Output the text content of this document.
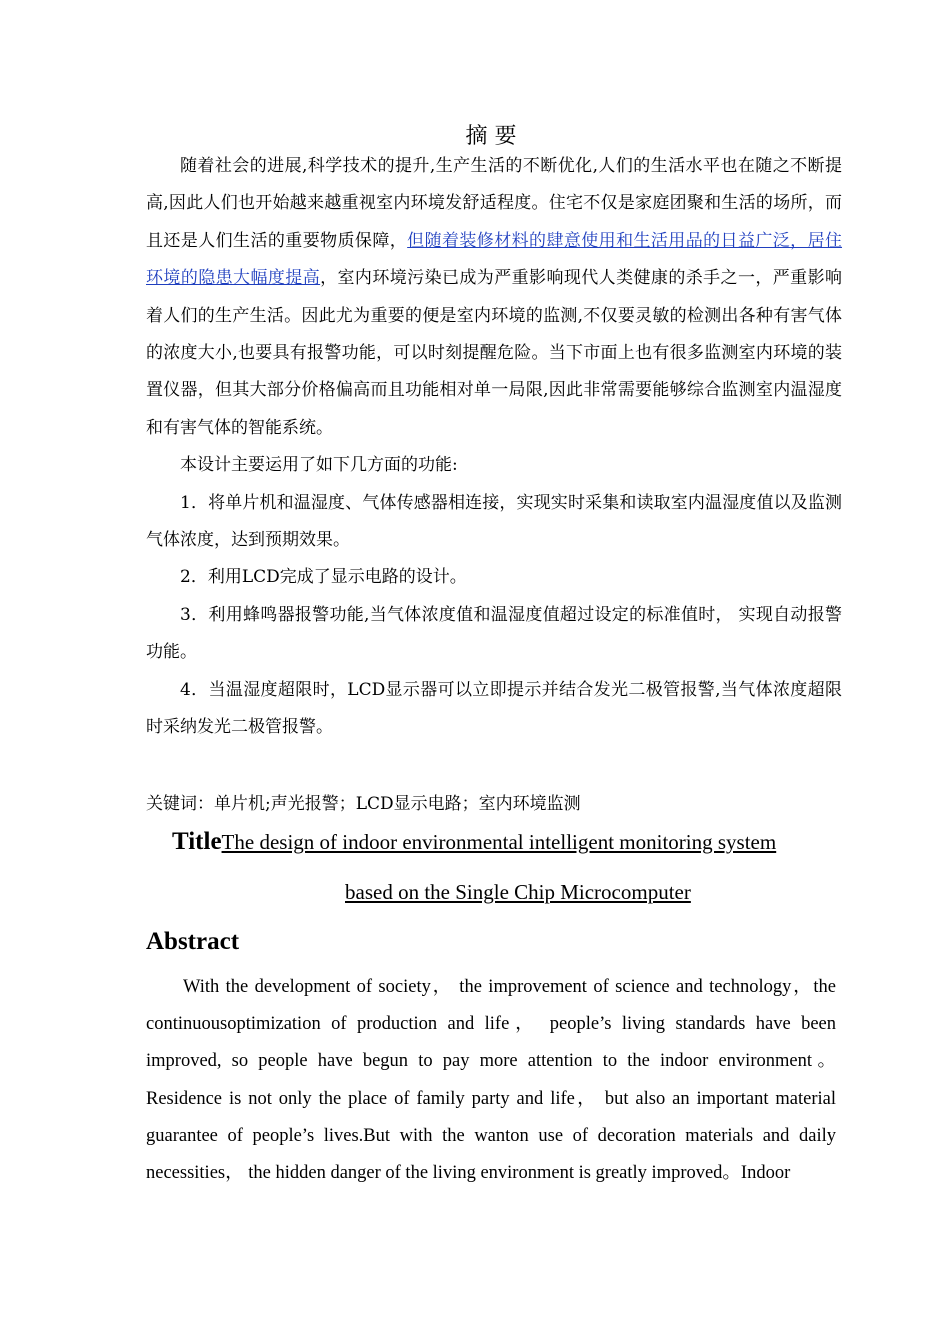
摘 要

随着社会的进展,科学技术的提升,生产生活的不断优化,人们的生活水平也在随之不断提高,因此人们也开始越来越重视室内环境发舒适程度。住宅不仅是家庭团聚和生活的场所，而且还是人们生活的重要物质保障，但随着装修材料的肆意使用和生活用品的日益广泛，居住环境的隐患大幅度提高，室内环境污染已成为严重影响现代人类健康的杀手之一，严重影响着人们的生产生活。因此尤为重要的便是室内环境的监测,不仅要灵敏的检测出各种有害气体的浓度大小,也要具有报警功能，可以时刻提醒危险。当下市面上也有很多监测室内环境的装置仪器，但其大部分价格偏高而且功能相对单一局限,因此非常需要能够综合监测室内温湿度和有害气体的智能系统。

本设计主要运用了如下几方面的功能:

1．将单片机和温湿度、气体传感器相连接，实现实时采集和读取室内温湿度值以及监测气体浓度，达到预期效果。

2．利用LCD完成了显示电路的设计。

3．利用蜂鸣器报警功能,当气体浓度值和温湿度值超过设定的标准值时， 实现自动报警功能。

4．当温湿度超限时，LCD显示器可以立即提示并结合发光二极管报警,当气体浓度超限时采纳发光二极管报警。

关键词：单片机;声光报警；LCD显示电路；室内环境监测
TitleThe design of indoor environmental intelligent monitoring system
based on the Single Chip Microcomputer
Abstract

With the development of society， the improvement of science and technology，the continuousoptimization of production and life， people’s living standards have been improved, so people have begun to pay more attention to the indoor environment。Residence is not only the place of family party and life， but also an important material guarantee of people’s lives.But with the wanton use of decoration materials and daily necessities， the hidden danger of the living environment is greatly improved。Indoor
